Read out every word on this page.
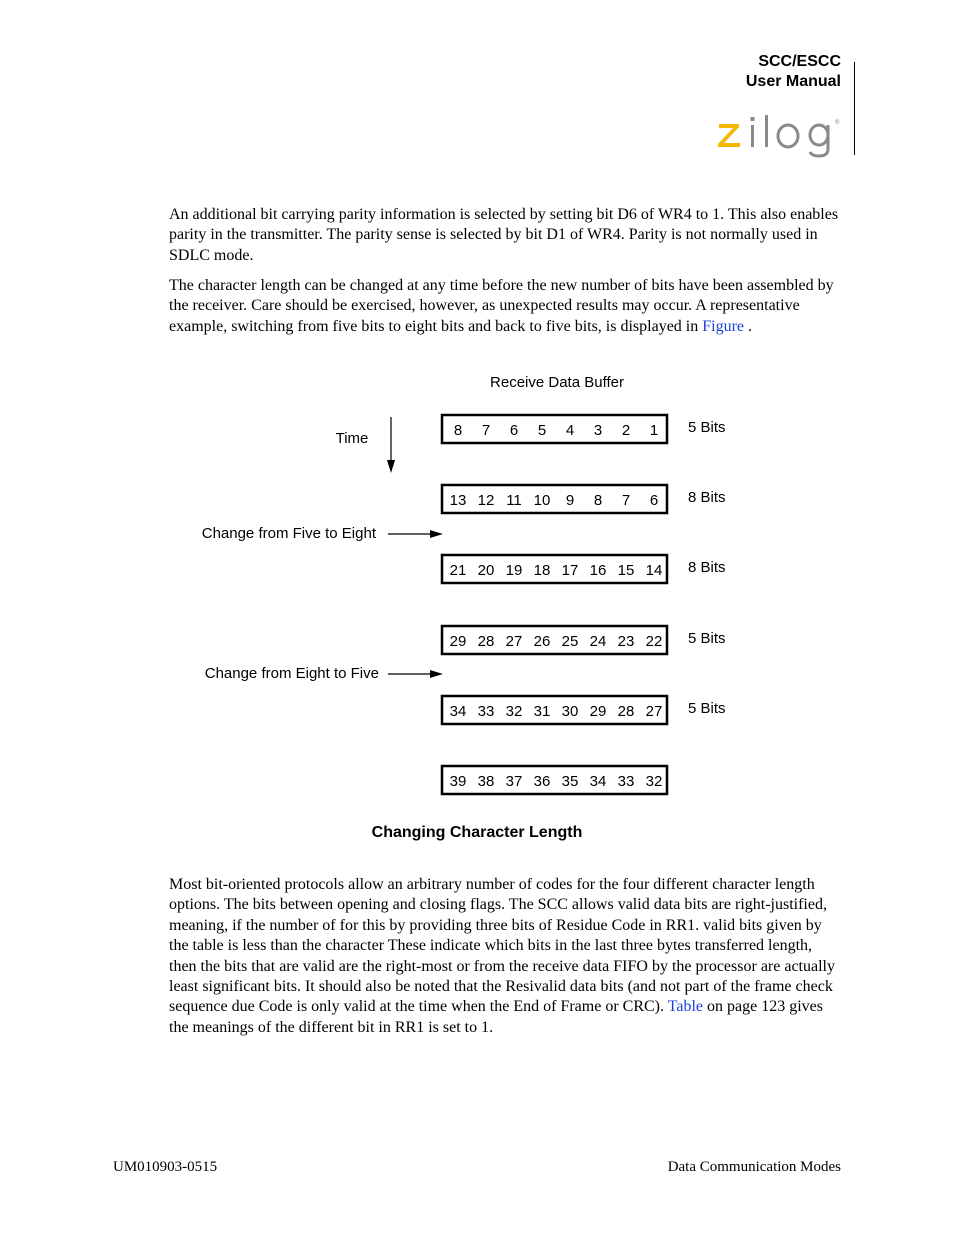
SCC/ESCC
User Manual
®

An additional bit carrying parity information is selected by setting bit D6 of WR4 to 1. This also enables parity in the transmitter. The parity sense is selected by bit D1 of WR4. Parity is not normally used in SDLC mode.

The character length can be changed at any time before the new number of bits have been assembled by the receiver. Care should be exercised, however, as unexpected results may occur. A representative example, switching from five bits to eight bits and back to five bits, is displayed in Figure .

Receive Data Buffer
Time
Change from Five to Eight
Change from Eight to Five
8 7 6 5 4 3 2 1 5 Bits
13 12 11 10 9 8 7 6 8 Bits
21 20 19 18 17 16 15 14 8 Bits
29 28 27 26 25 24 23 22 5 Bits
34 33 32 31 30 29 28 27 5 Bits
39 38 37 36 35 34 33 32
Changing Character Length

Most bit-oriented protocols allow an arbitrary number of codes for the four different character length options. The bits between opening and closing flags. The SCC allows valid data bits are right-justified, meaning, if the number of for this by providing three bits of Residue Code in RR1. valid bits given by the table is less than the character These indicate which bits in the last three bytes transferred length, then the bits that are valid are the right-most or from the receive data FIFO by the processor are actually least significant bits. It should also be noted that the Resivalid data bits (and not part of the frame check sequence due Code is only valid at the time when the End of Frame or CRC). Table on page 123 gives the meanings of the different bit in RR1 is set to 1.

UM010903-0515	Data Communication Modes
